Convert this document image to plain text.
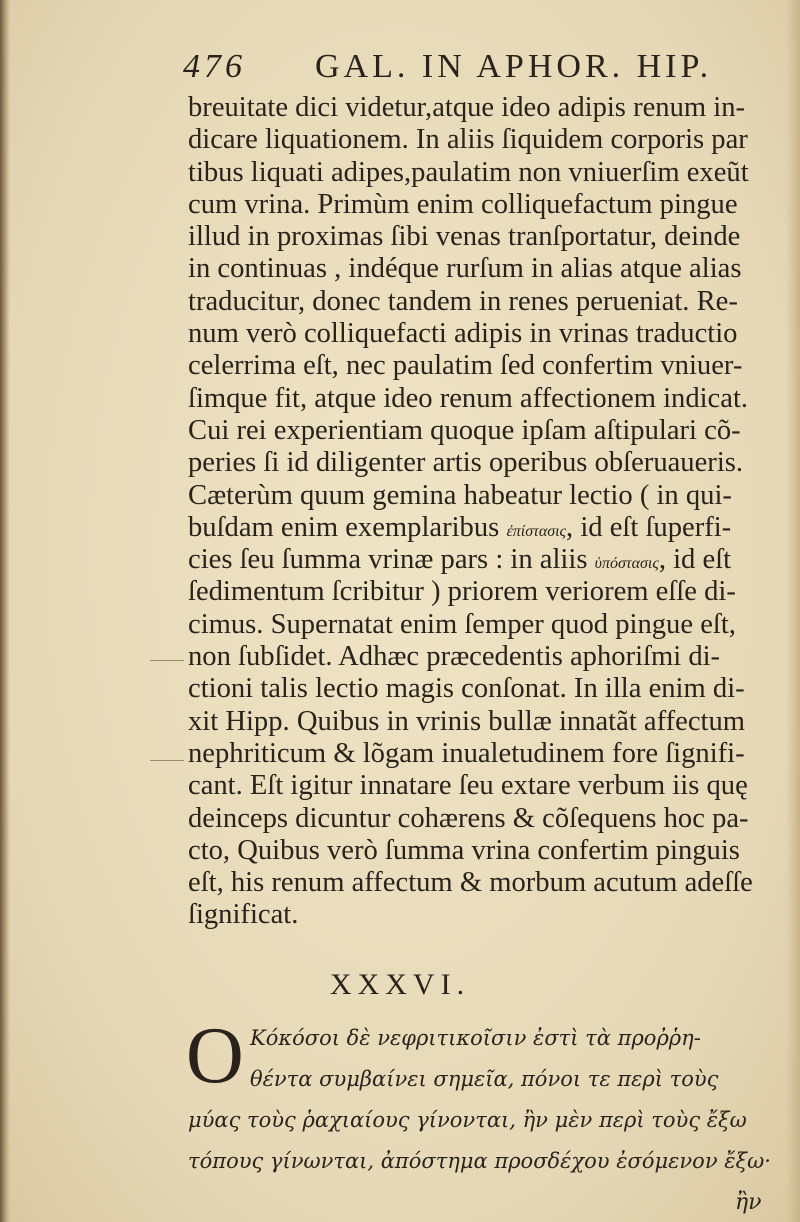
476 GAL. IN APHOR. HIP.
breuitate dici videtur,atque ideo adipis renum in-
dicare liquationem. In aliis ſiquidem corporis par
tibus liquati adipes,paulatim non vniuerſim exeũt
cum vrina. Primùm enim colliquefactum pingue
illud in proximas ſibi venas tranſportatur, deinde
in continuas , indéque rurſum in alias atque alias
traducitur, donec tandem in renes perueniat. Re-
num verò colliquefacti adipis in vrinas traductio
celerrima eſt, nec paulatim ſed confertim vniuer-
ſimque fit, atque ideo renum affectionem indicat.
Cui rei experientiam quoque ipſam aſtipulari cõ-
peries ſi id diligenter artis operibus obſeruaueris.
Cæterùm quum gemina habeatur lectio ( in qui-
buſdam enim exemplaribus ἐπίστασις, id eſt ſuperfi-
cies ſeu ſumma vrinæ pars : in aliis ὑπόστασις, id eſt
ſedimentum ſcribitur ) priorem veriorem eſſe di-
cimus. Supernatat enim ſemper quod pingue eſt,
non ſubſidet. Adhæc præcedentis aphoriſmi di-
ctioni talis lectio magis conſonat. In illa enim di-
xit Hipp. Quibus in vrinis bullæ innatãt affectum
nephriticum & lõgam inualetudinem fore ſignifi-
cant. Eſt igitur innatare ſeu extare verbum iis quę
deinceps dicuntur cohærens & cõſequens hoc pa-
cto, Quibus verò ſumma vrina confertim pinguis
eſt, his renum affectum & morbum acutum adeſſe
ſignificat.
XXXVI.
O Κόκόσοι δὲ νεφριτικοῖσιν ἐστὶ τὰ προῤῥη-
θέντα συμβαίνει σημεῖα, πόνοι τε περὶ τοὺς
μύας τοὺς ῥαχιαίους γίνονται, ἢν μὲν περὶ τοὺς ἔξω
τόπους γίνωνται, ἀπόστημα προσδέχου ἐσόμενον ἔξω·
ἢν
